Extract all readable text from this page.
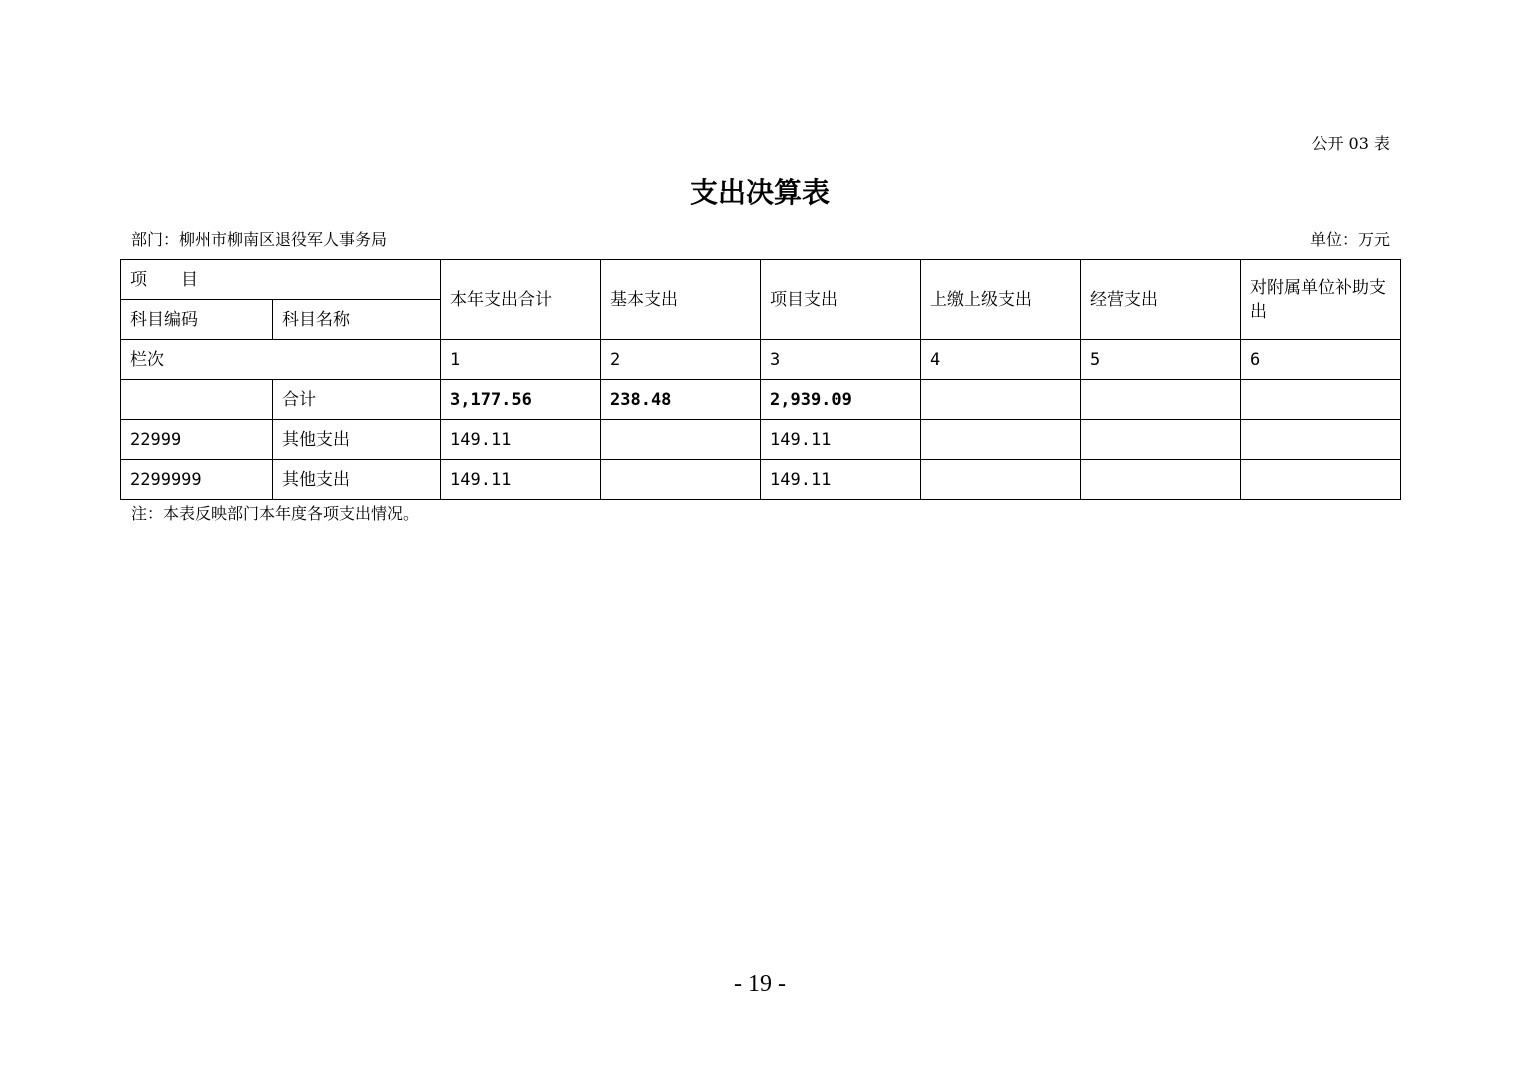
公开 03 表
支出决算表
部门：柳州市柳南区退役军人事务局	单位：万元
项　　目		本年支出合计	基本支出	项目支出	上缴上级支出	经营支出	对附属单位补助支出
科目编码	科目名称						
栏次		1	2	3	4	5	6
	合计	3,177.56	238.48	2,939.09			
22999	其他支出	149.11		149.11			
2299999	其他支出	149.11		149.11			
注：本表反映部门本年度各项支出情况。
- 19 -
